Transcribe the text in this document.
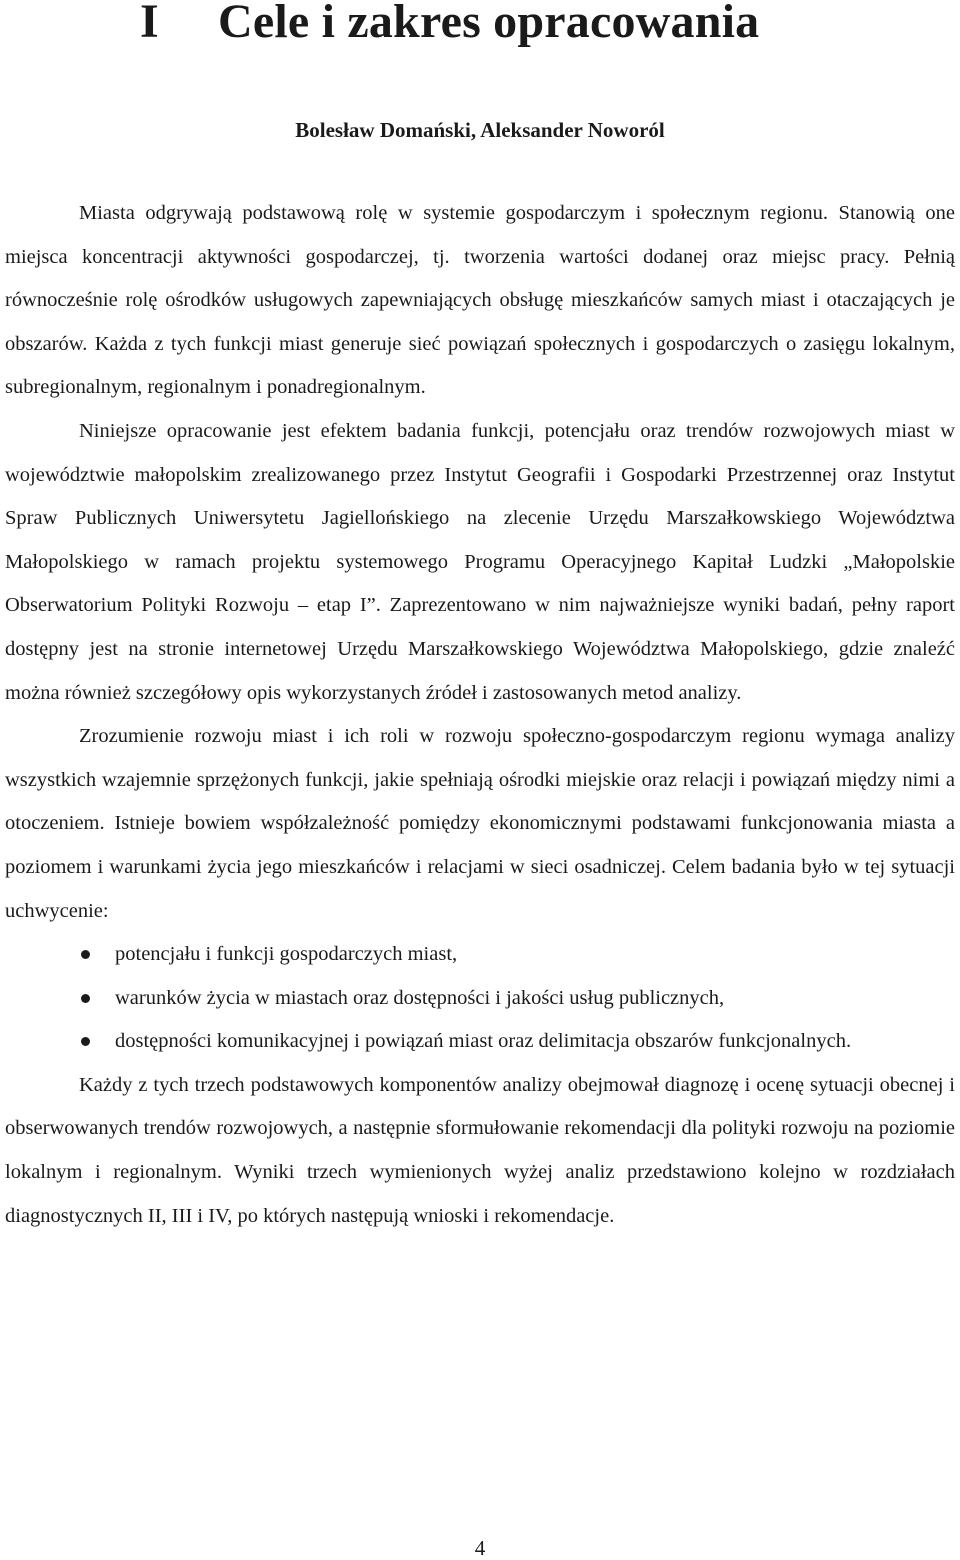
I Cele i zakres opracowania

Bolesław Domański, Aleksander Noworól

Miasta odgrywają podstawową rolę w systemie gospodarczym i społecznym regionu. Stanowią one miejsca koncentracji aktywności gospodarczej, tj. tworzenia wartości dodanej oraz miejsc pracy. Pełnią równocześnie rolę ośrodków usługowych zapewniających obsługę mieszkańców samych miast i otaczających je obszarów. Każda z tych funkcji miast generuje sieć powiązań społecznych i gospodarczych o zasięgu lokalnym, subregionalnym, regionalnym i ponadregionalnym.

Niniejsze opracowanie jest efektem badania funkcji, potencjału oraz trendów rozwojowych miast w województwie małopolskim zrealizowanego przez Instytut Geografii i Gospodarki Przestrzennej oraz Instytut Spraw Publicznych Uniwersytetu Jagiellońskiego na zlecenie Urzędu Marszałkowskiego Województwa Małopolskiego w ramach projektu systemowego Programu Operacyjnego Kapitał Ludzki „Małopolskie Obserwatorium Polityki Rozwoju – etap I”. Zaprezentowano w nim najważniejsze wyniki badań, pełny raport dostępny jest na stronie internetowej Urzędu Marszałkowskiego Województwa Małopolskiego, gdzie znaleźć można również szczegółowy opis wykorzystanych źródeł i zastosowanych metod analizy.

Zrozumienie rozwoju miast i ich roli w rozwoju społeczno-gospodarczym regionu wymaga analizy wszystkich wzajemnie sprzężonych funkcji, jakie spełniają ośrodki miejskie oraz relacji i powiązań między nimi a otoczeniem. Istnieje bowiem współzależność pomiędzy ekonomicznymi podstawami funkcjonowania miasta a poziomem i warunkami życia jego mieszkańców i relacjami w sieci osadniczej. Celem badania było w tej sytuacji uchwycenie:

potencjału i funkcji gospodarczych miast,
warunków życia w miastach oraz dostępności i jakości usług publicznych,
dostępności komunikacyjnej i powiązań miast oraz delimitacja obszarów funkcjonalnych.

Każdy z tych trzech podstawowych komponentów analizy obejmował diagnozę i ocenę sytuacji obecnej i obserwowanych trendów rozwojowych, a następnie sformułowanie rekomendacji dla polityki rozwoju na poziomie lokalnym i regionalnym. Wyniki trzech wymienionych wyżej analiz przedstawiono kolejno w rozdziałach diagnostycznych II, III i IV, po których następują wnioski i rekomendacje.

4
